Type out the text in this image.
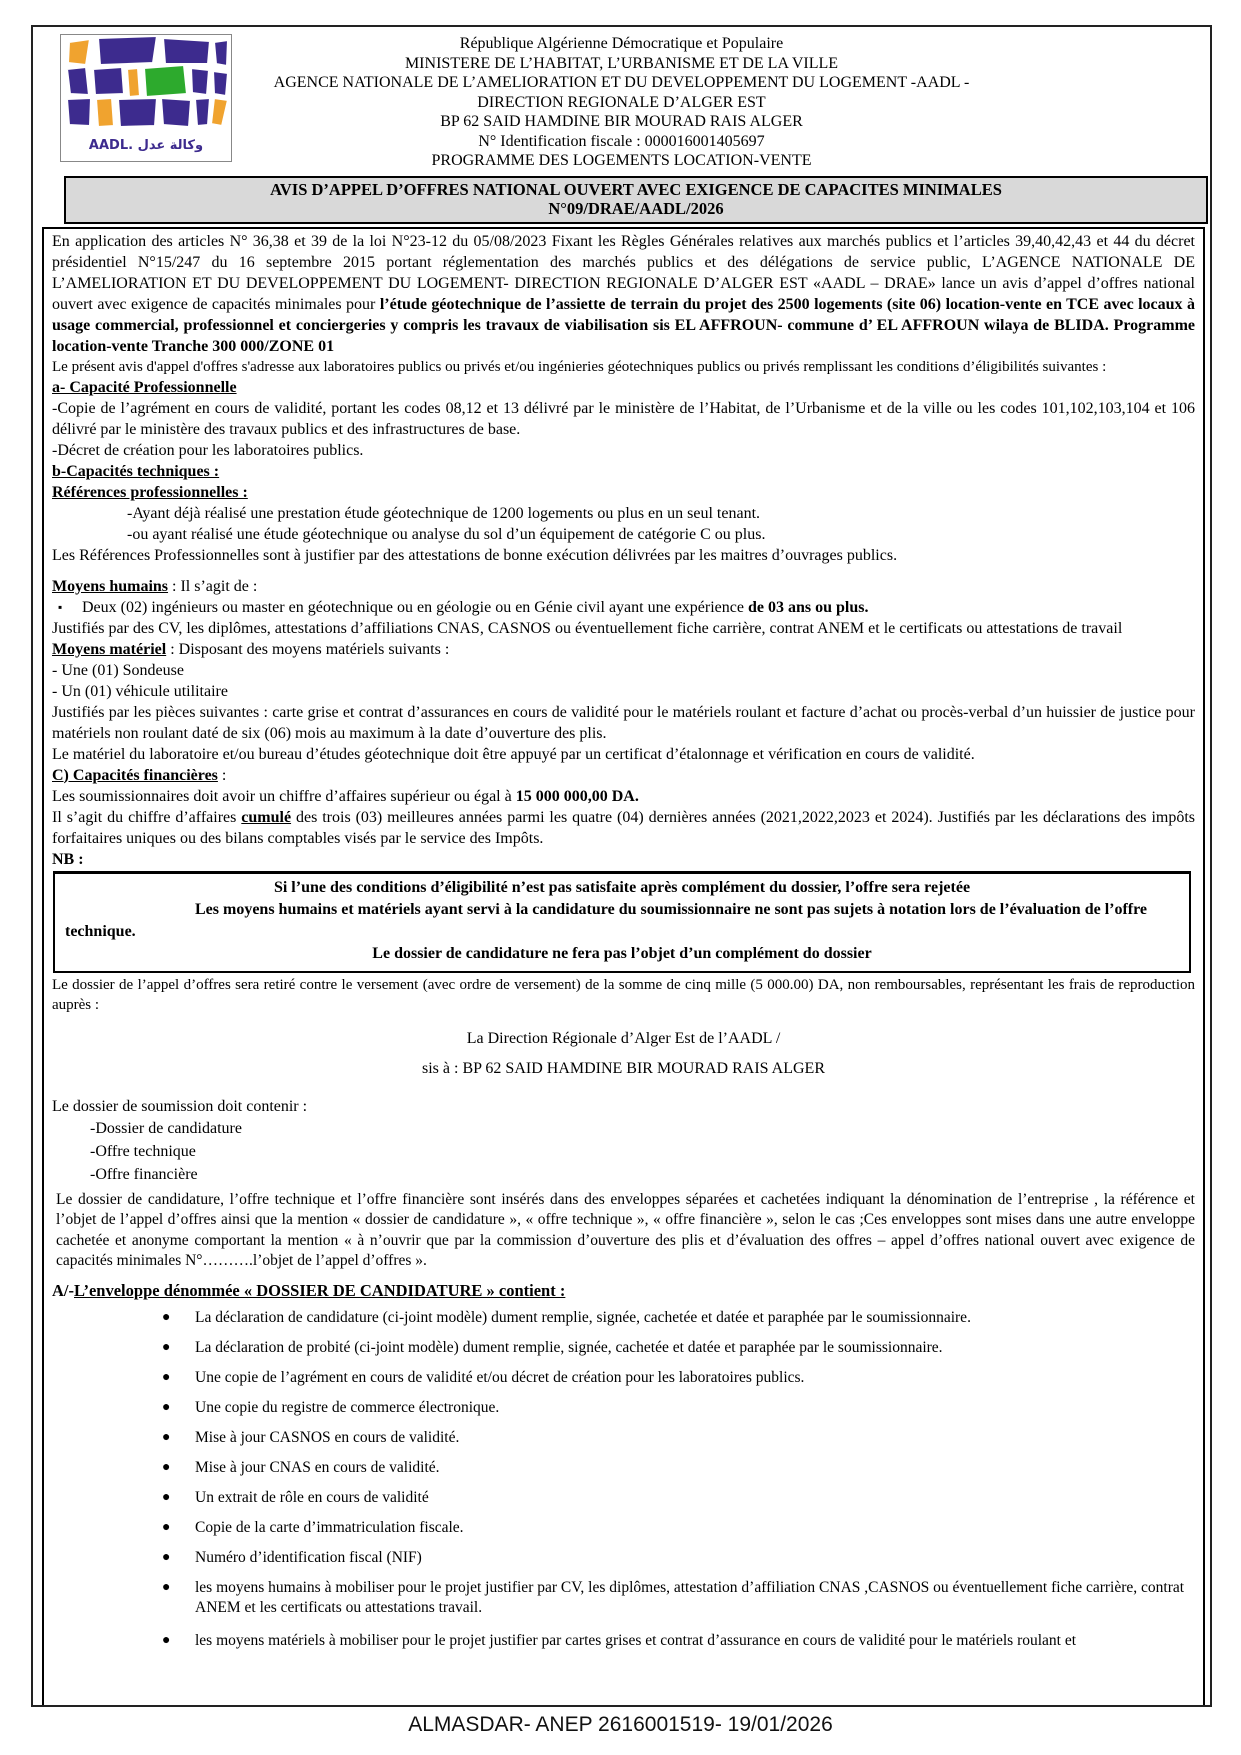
AADL. وكالة عدل

République Algérienne Démocratique et Populaire

MINISTERE DE L’HABITAT, L’URBANISME ET DE LA VILLE

AGENCE NATIONALE DE L’AMELIORATION ET DU DEVELOPPEMENT DU LOGEMENT -AADL -

DIRECTION REGIONALE D’ALGER EST

BP 62 SAID HAMDINE BIR MOURAD RAIS ALGER

N° Identification fiscale : 000016001405697

PROGRAMME DES LOGEMENTS LOCATION-VENTE

AVIS D’APPEL D’OFFRES NATIONAL OUVERT AVEC EXIGENCE DE CAPACITES MINIMALES
N°09/DRAE/AADL/2026

En application des articles N° 36,38 et 39 de la loi N°23-12 du 05/08/2023 Fixant les Règles Générales relatives aux marchés publics et l’articles 39,40,42,43 et 44 du décret présidentiel N°15/247 du 16 septembre 2015 portant réglementation des marchés publics et des délégations de service public, L’AGENCE NATIONALE DE L’AMELIORATION ET DU DEVELOPPEMENT DU LOGEMENT- DIRECTION REGIONALE D’ALGER EST «AADL – DRAE» lance un avis d’appel d’offres national ouvert avec exigence de capacités minimales pour l’étude géotechnique de l’assiette de terrain du projet des 2500 logements (site 06) location-vente en TCE avec locaux à usage commercial, professionnel et conciergeries y compris les travaux de viabilisation sis EL AFFROUN- commune d’ EL AFFROUN wilaya de BLIDA. Programme location-vente Tranche 300 000/ZONE 01

Le présent avis d'appel d'offres s'adresse aux laboratoires publics ou privés et/ou ingénieries géotechniques publics ou privés remplissant les conditions d’éligibilités suivantes :

a- Capacité Professionnelle

-Copie de l’agrément en cours de validité, portant les codes 08,12 et 13 délivré par le ministère de l’Habitat, de l’Urbanisme et de la ville ou les codes 101,102,103,104 et 106 délivré par le ministère des travaux publics et des infrastructures de base.

-Décret de création pour les laboratoires publics.

b-Capacités techniques :

Références professionnelles :

-Ayant déjà réalisé une prestation étude géotechnique de 1200 logements ou plus en un seul tenant.

-ou ayant réalisé une étude géotechnique ou analyse du sol d’un équipement de catégorie C ou plus.

Les Références Professionnelles sont à justifier par des attestations de bonne exécution délivrées par les maitres d’ouvrages publics.

Moyens humains : Il s’agit de :

▪ Deux (02) ingénieurs ou master en géotechnique ou en géologie ou en Génie civil ayant une expérience de 03 ans ou plus.

Justifiés par des CV, les diplômes, attestations d’affiliations CNAS, CASNOS ou éventuellement fiche carrière, contrat ANEM et le certificats ou attestations de travail

Moyens matériel : Disposant des moyens matériels suivants :

- Une (01) Sondeuse

- Un (01) véhicule utilitaire

Justifiés par les pièces suivantes : carte grise et contrat d’assurances en cours de validité pour le matériels roulant et facture d’achat ou procès-verbal d’un huissier de justice pour matériels non roulant daté de six (06) mois au maximum à la date d’ouverture des plis.

Le matériel du laboratoire et/ou bureau d’études géotechnique doit être appuyé par un certificat d’étalonnage et vérification en cours de validité.

C) Capacités financières :

Les soumissionnaires doit avoir un chiffre d’affaires supérieur ou égal à 15 000 000,00 DA.

Il s’agit du chiffre d’affaires cumulé des trois (03) meilleures années parmi les quatre (04) dernières années (2021,2022,2023 et 2024). Justifiés par les déclarations des impôts forfaitaires uniques ou des bilans comptables visés par le service des Impôts.

NB :

Si l’une des conditions d’éligibilité n’est pas satisfaite après complément du dossier, l’offre sera rejetée

Les moyens humains et matériels ayant servi à la candidature du soumissionnaire ne sont pas sujets à notation lors de l’évaluation de l’offre technique.

Le dossier de candidature ne fera pas l’objet d’un complément do dossier

Le dossier de l’appel d’offres sera retiré contre le versement (avec ordre de versement) de la somme de cinq mille (5 000.00) DA, non remboursables, représentant les frais de reproduction auprès :

La Direction Régionale d’Alger Est de l’AADL /

sis à : BP 62 SAID HAMDINE BIR MOURAD RAIS ALGER

Le dossier de soumission doit contenir :

-Dossier de candidature

-Offre technique

-Offre financière

Le dossier de candidature, l’offre technique et l’offre financière sont insérés dans des enveloppes séparées et cachetées indiquant la dénomination de l’entreprise , la référence et l’objet de l’appel d’offres ainsi que la mention « dossier de candidature », « offre technique », « offre financière », selon le cas ;Ces enveloppes sont mises dans une autre enveloppe cachetée et anonyme comportant la mention « à n’ouvrir que par la commission d’ouverture des plis et d’évaluation des offres – appel d’offres national ouvert avec exigence de capacités minimales N°……….l’objet de l’appel d’offres ».

A/-L’enveloppe dénommée « DOSSIER DE CANDIDATURE » contient :

● La déclaration de candidature (ci-joint modèle) dument remplie, signée, cachetée et datée et paraphée par le soumissionnaire.
● La déclaration de probité (ci-joint modèle) dument remplie, signée, cachetée et datée et paraphée par le soumissionnaire.
● Une copie de l’agrément en cours de validité et/ou décret de création pour les laboratoires publics.
● Une copie du registre de commerce électronique.
● Mise à jour CASNOS en cours de validité.
● Mise à jour CNAS en cours de validité.
● Un extrait de rôle en cours de validité
● Copie de la carte d’immatriculation fiscale.
● Numéro d’identification fiscal (NIF)
● les moyens humains à mobiliser pour le projet justifier par CV, les diplômes, attestation d’affiliation CNAS ,CASNOS ou éventuellement fiche carrière, contrat ANEM et les certificats ou attestations travail.
● les moyens matériels à mobiliser pour le projet justifier par cartes grises et contrat d’assurance en cours de validité pour le matériels roulant et
ALMASDAR- ANEP 2616001519- 19/01/2026
